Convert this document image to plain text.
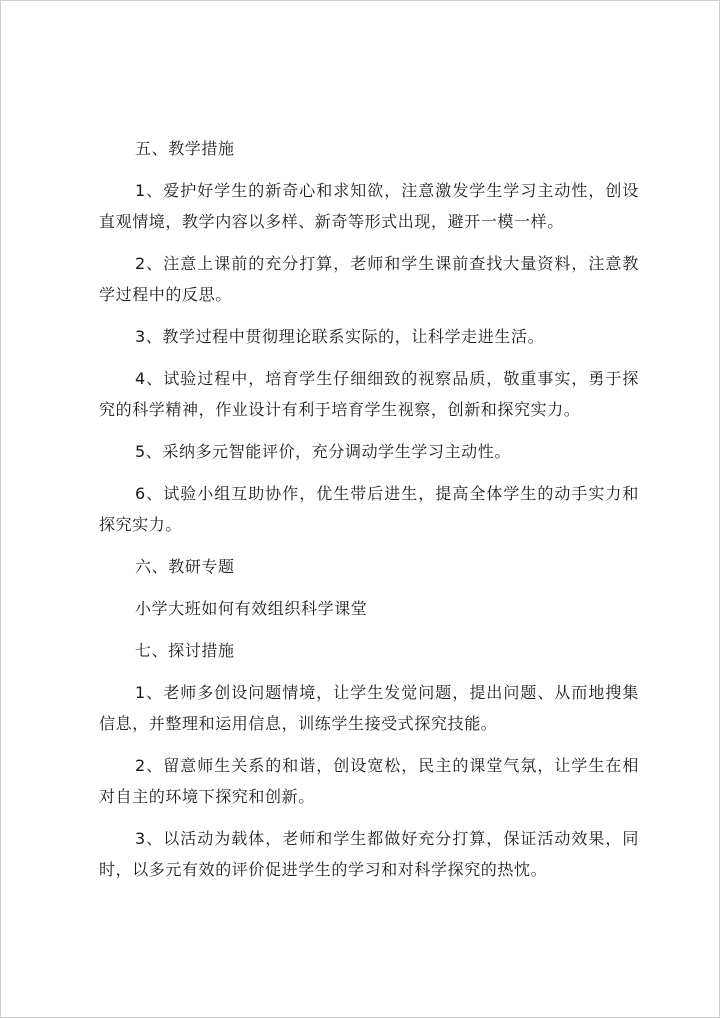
五、教学措施

1、爱护好学生的新奇心和求知欲，注意激发学生学习主动性，创设直观情境，教学内容以多样、新奇等形式出现，避开一模一样。

2、注意上课前的充分打算，老师和学生课前查找大量资料，注意教学过程中的反思。

3、教学过程中贯彻理论联系实际的，让科学走进生活。

4、试验过程中，培育学生仔细细致的视察品质，敬重事实，勇于探究的科学精神，作业设计有利于培育学生视察，创新和探究实力。

5、采纳多元智能评价，充分调动学生学习主动性。

6、试验小组互助协作，优生带后进生，提高全体学生的动手实力和探究实力。

六、教研专题

小学大班如何有效组织科学课堂

七、探讨措施

1、老师多创设问题情境，让学生发觉问题，提出问题、从而地搜集信息，并整理和运用信息，训练学生接受式探究技能。

2、留意师生关系的和谐，创设宽松，民主的课堂气氛，让学生在相对自主的环境下探究和创新。

3、以活动为载体，老师和学生都做好充分打算，保证活动效果，同时，以多元有效的评价促进学生的学习和对科学探究的热忱。
